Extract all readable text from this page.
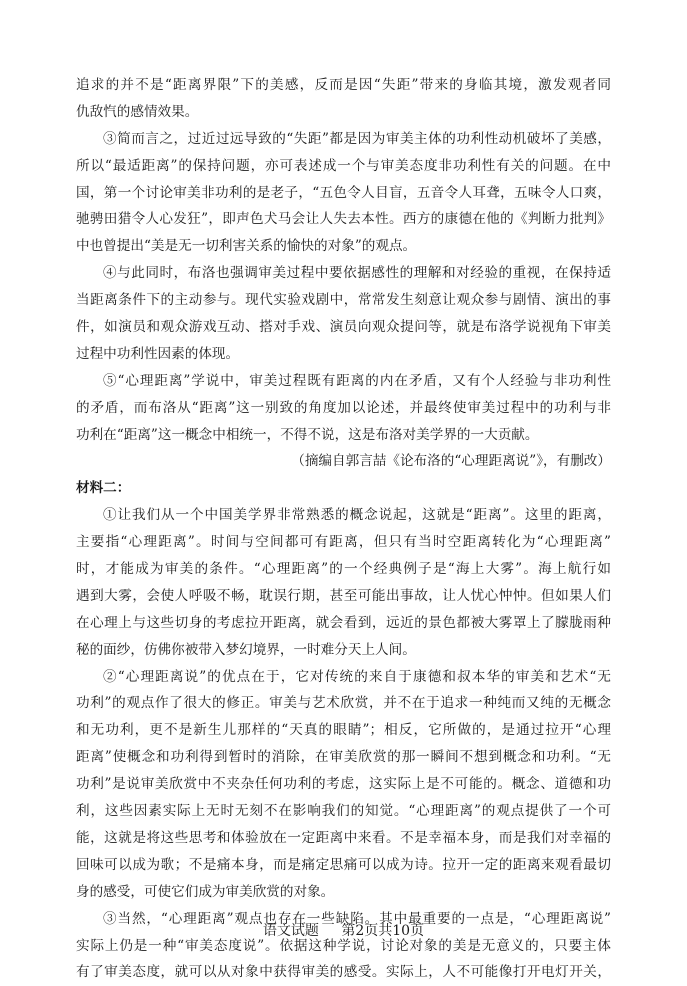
追求的并不是“距离界限”下的美感，反而是因“失距”带来的身临其境，激发观者同
仇敌忾的感情效果。
③简而言之，过近过远导致的“失距”都是因为审美主体的功利性动机破坏了美感，
所以“最适距离”的保持问题，亦可表述成一个与审美态度非功利性有关的问题。在中
国，第一个讨论审美非功利的是老子，“五色令人目盲，五音令人耳聋，五味令人口爽，
驰骋田猎令人心发狂”，即声色犬马会让人失去本性。西方的康德在他的《判断力批判》
中也曾提出“美是无一切利害关系的愉快的对象”的观点。
④与此同时，布洛也强调审美过程中要依据感性的理解和对经验的重视，在保持适
当距离条件下的主动参与。现代实验戏剧中，常常发生刻意让观众参与剧情、演出的事
件，如演员和观众游戏互动、搭对手戏、演员向观众提问等，就是布洛学说视角下审美
过程中功利性因素的体现。
⑤“心理距离”学说中，审美过程既有距离的内在矛盾，又有个人经验与非功利性
的矛盾，而布洛从“距离”这一别致的角度加以论述，并最终使审美过程中的功利与非
功利在“距离”这一概念中相统一，不得不说，这是布洛对美学界的一大贡献。
（摘编自郭言喆《论布洛的“心理距离说”》，有删改）
材料二：
①让我们从一个中国美学界非常熟悉的概念说起，这就是“距离”。这里的距离，
主要指“心理距离”。时间与空间都可有距离，但只有当时空距离转化为“心理距离”
时，才能成为审美的条件。“心理距离”的一个经典例子是“海上大雾”。海上航行如
遇到大雾，会使人呼吸不畅，耽误行期，甚至可能出事故，让人忧心忡忡。但如果人们
在心理上与这些切身的考虑拉开距离，就会看到，远近的景色都被大雾罩上了朦胧雨种
秘的面纱，仿佛你被带入梦幻境界，一时难分天上人间。
②“心理距离说”的优点在于，它对传统的来自于康德和叔本华的审美和艺术“无
功利”的观点作了很大的修正。审美与艺术欣赏，并不在于追求一种纯而又纯的无概念
和无功利，更不是新生儿那样的“天真的眼睛”；相反，它所做的，是通过拉开“心理
距离”使概念和功利得到暂时的消除，在审美欣赏的那一瞬间不想到概念和功利。“无
功利”是说审美欣赏中不夹杂任何功利的考虑，这实际上是不可能的。概念、道德和功
利，这些因素实际上无时无刻不在影响我们的知觉。“心理距离”的观点提供了一个可
能，这就是将这些思考和体验放在一定距离中来看。不是幸福本身，而是我们对幸福的
回味可以成为歌；不是痛本身，而是痛定思痛可以成为诗。拉开一定的距离来观看最切
身的感受，可使它们成为审美欣赏的对象。
③当然，“心理距离”观点也存在一些缺陷。其中最重要的一点是，“心理距离说”
实际上仍是一种“审美态度说”。依据这种学说，讨论对象的美是无意义的，只要主体
有了审美态度，就可以从对象中获得审美的感受。实际上，人不可能像打开电灯开关，
语文试题 第2页共10页
